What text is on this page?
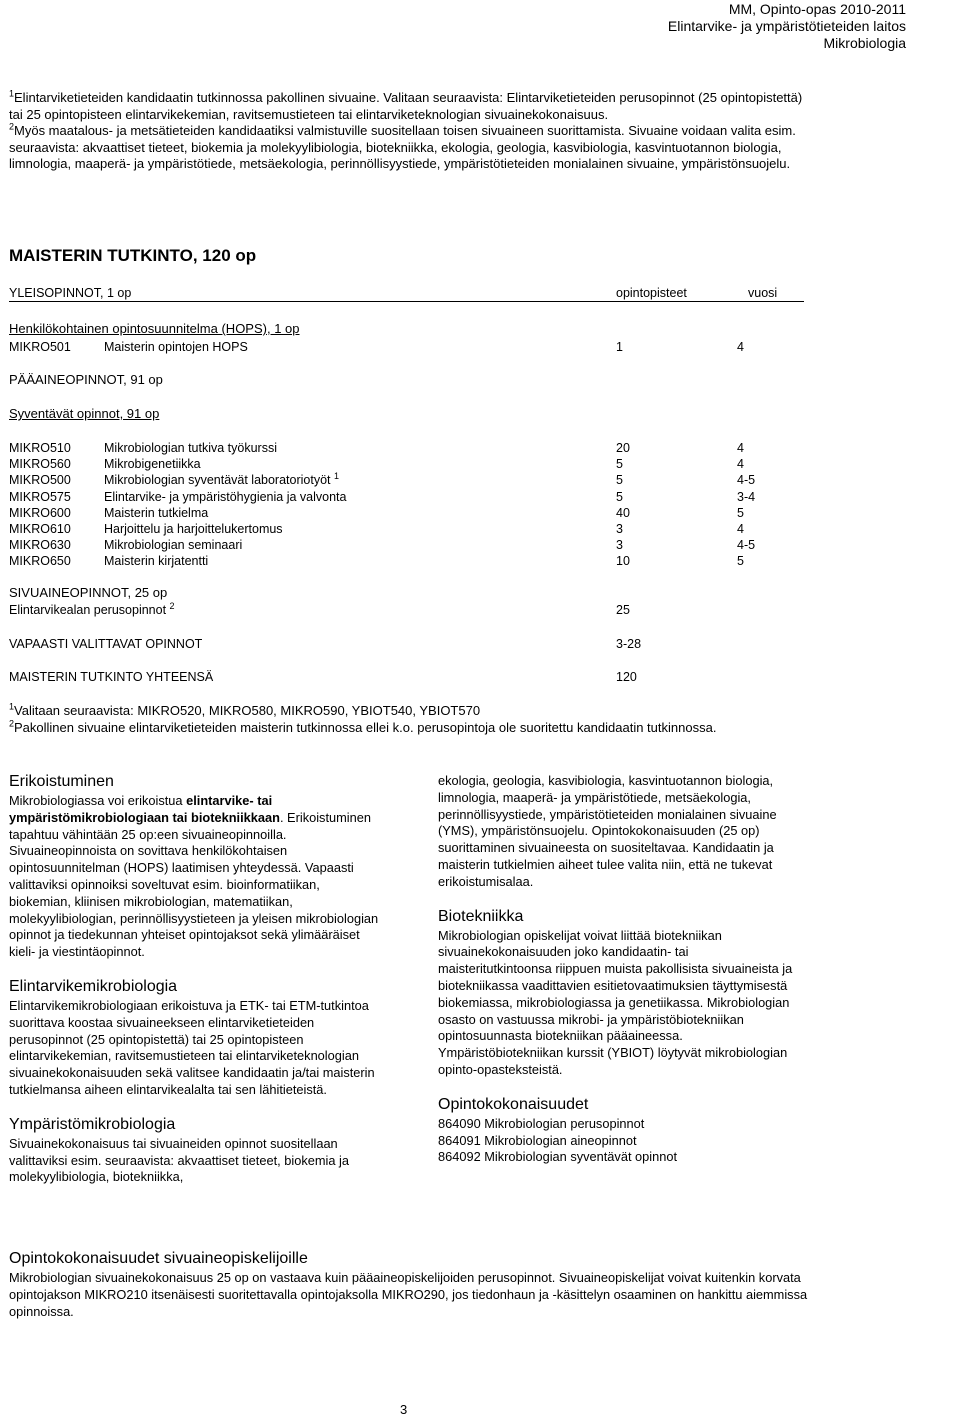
MM, Opinto-opas 2010-2011
Elintarvike- ja ympäristötieteiden laitos
Mikrobiologia
$^1$Elintarviketieteiden kandidaatin tutkinnossa pakollinen sivuaine. Valitaan seuraavista: Elintarviketieteiden perusopinnot (25 opintopistettä) tai 25 opintopisteen elintarvikekemian, ravitsemustieteen tai elintarviketeknologian sivuainekokonaisuus.
$^2$Myös maatalous- ja metsätieteiden kandidaatiksi valmistuville suositellaan toisen sivuaineen suorittamista. Sivuaine voidaan valita esim. seuraavista: akvaattiset tieteet, biokemia ja molekyylibiologia, biotekniikka, ekologia, geologia, kasvibiologia, kasvintuotannon biologia, limnologia, maaperä- ja ympäristötiede, metsäekologia, perinnöllisyystiede, ympäristötieteiden monialainen sivuaine, ympäristönsuojelu.
MAISTERIN TUTKINTO, 120 op
YLEISOPINNOT, 1 op	opintopisteet	vuosi
Henkilökohtainen opintosuunnitelma (HOPS), 1 op
MIKRO501	Maisterin opintojen HOPS	1	4
PÄÄAINEOPINNOT, 91 op
Syventävät opinnot, 91 op
MIKRO510	Mikrobiologian tutkiva työkurssi	20	4
MIKRO560	Mikrobigenetiikka	5	4
MIKRO500	Mikrobiologian syventävät laboratoriotyöt $^1$	5	4-5
MIKRO575	Elintarvike- ja ympäristöhygienia ja valvonta	5	3-4
MIKRO600	Maisterin tutkielma	40	5
MIKRO610	Harjoittelu ja harjoittelukertomus	3	4
MIKRO630	Mikrobiologian seminaari	3	4-5
MIKRO650	Maisterin kirjatentti	10	5
SIVUAINEOPINNOT, 25 op
Elintarvikealan perusopinnot $^2$	25
VAPAASTI VALITTAVAT OPINNOT	3-28
MAISTERIN TUTKINTO YHTEENSÄ	120
$^1$Valitaan seuraavista: MIKRO520, MIKRO580, MIKRO590, YBIOT540, YBIOT570
$^2$Pakollinen sivuaine elintarviketieteiden maisterin tutkinnossa ellei k.o. perusopintoja ole suoritettu kandidaatin tutkinnossa.
Erikoistuminen

Mikrobiologiassa voi erikoistua elintarvike- tai ympäristömikrobiologiaan tai biotekniikkaan. Erikoistuminen tapahtuu vähintään 25 op:een sivuaineopinnoilla. Sivuaineopinnoista on sovittava henkilökohtaisen opintosuunnitelman (HOPS) laatimisen yhteydessä. Vapaasti valittaviksi opinnoiksi soveltuvat esim. bioinformatiikan, biokemian, kliinisen mikrobiologian, matematiikan, molekyylibiologian, perinnöllisyystieteen ja yleisen mikrobiologian opinnot ja tiedekunnan yhteiset opintojaksot sekä ylimääräiset kieli- ja viestintäopinnot.

Elintarvikemikrobiologia

Elintarvikemikrobiologiaan erikoistuva ja ETK- tai ETM-tutkintoa suorittava koostaa sivuaineekseen elintarviketieteiden perusopinnot (25 opintopistettä) tai 25 opintopisteen elintarvikekemian, ravitsemustieteen tai elintarviketeknologian sivuainekokonaisuuden sekä valitsee kandidaatin ja/tai maisterin tutkielmansa aiheen elintarvikealalta tai sen lähitieteistä.

Ympäristömikrobiologia

Sivuainekokonaisuus tai sivuaineiden opinnot suositellaan valittaviksi esim. seuraavista: akvaattiset tieteet, biokemia ja molekyylibiologia, biotekniikka,

ekologia, geologia, kasvibiologia, kasvintuotannon biologia, limnologia, maaperä- ja ympäristötiede, metsäekologia, perinnöllisyystiede, ympäristötieteiden monialainen sivuaine (YMS), ympäristönsuojelu. Opintokokonaisuuden (25 op) suorittaminen sivuaineesta on suositeltavaa. Kandidaatin ja maisterin tutkielmien aiheet tulee valita niin, että ne tukevat erikoistumisalaa.

Biotekniikka

Mikrobiologian opiskelijat voivat liittää biotekniikan sivuainekokonaisuuden joko kandidaatin- tai maisteritutkintoonsa riippuen muista pakollisista sivuaineista ja biotekniikassa vaadittavien esitietovaatimuksien täyttymisestä biokemiassa, mikrobiologiassa ja genetiikassa. Mikrobiologian osasto on vastuussa mikrobi- ja ympäristöbiotekniikan opintosuunnasta biotekniikan pääaineessa. Ympäristöbiotekniikan kurssit (YBIOT) löytyvät mikrobiologian opinto-opasteksteistä.

Opintokokonaisuudet

864090 Mikrobiologian perusopinnot

864091 Mikrobiologian aineopinnot

864092 Mikrobiologian syventävät opinnot

Opintokokonaisuudet sivuaineopiskelijoille

Mikrobiologian sivuainekokonaisuus 25 op on vastaava kuin pääaineopiskelijoiden perusopinnot. Sivuaineopiskelijat voivat kuitenkin korvata opintojakson MIKRO210 itsenäisesti suoritettavalla opintojaksolla MIKRO290, jos tiedonhaun ja -käsittelyn osaaminen on hankittu aiemmissa opinnoissa.

3
